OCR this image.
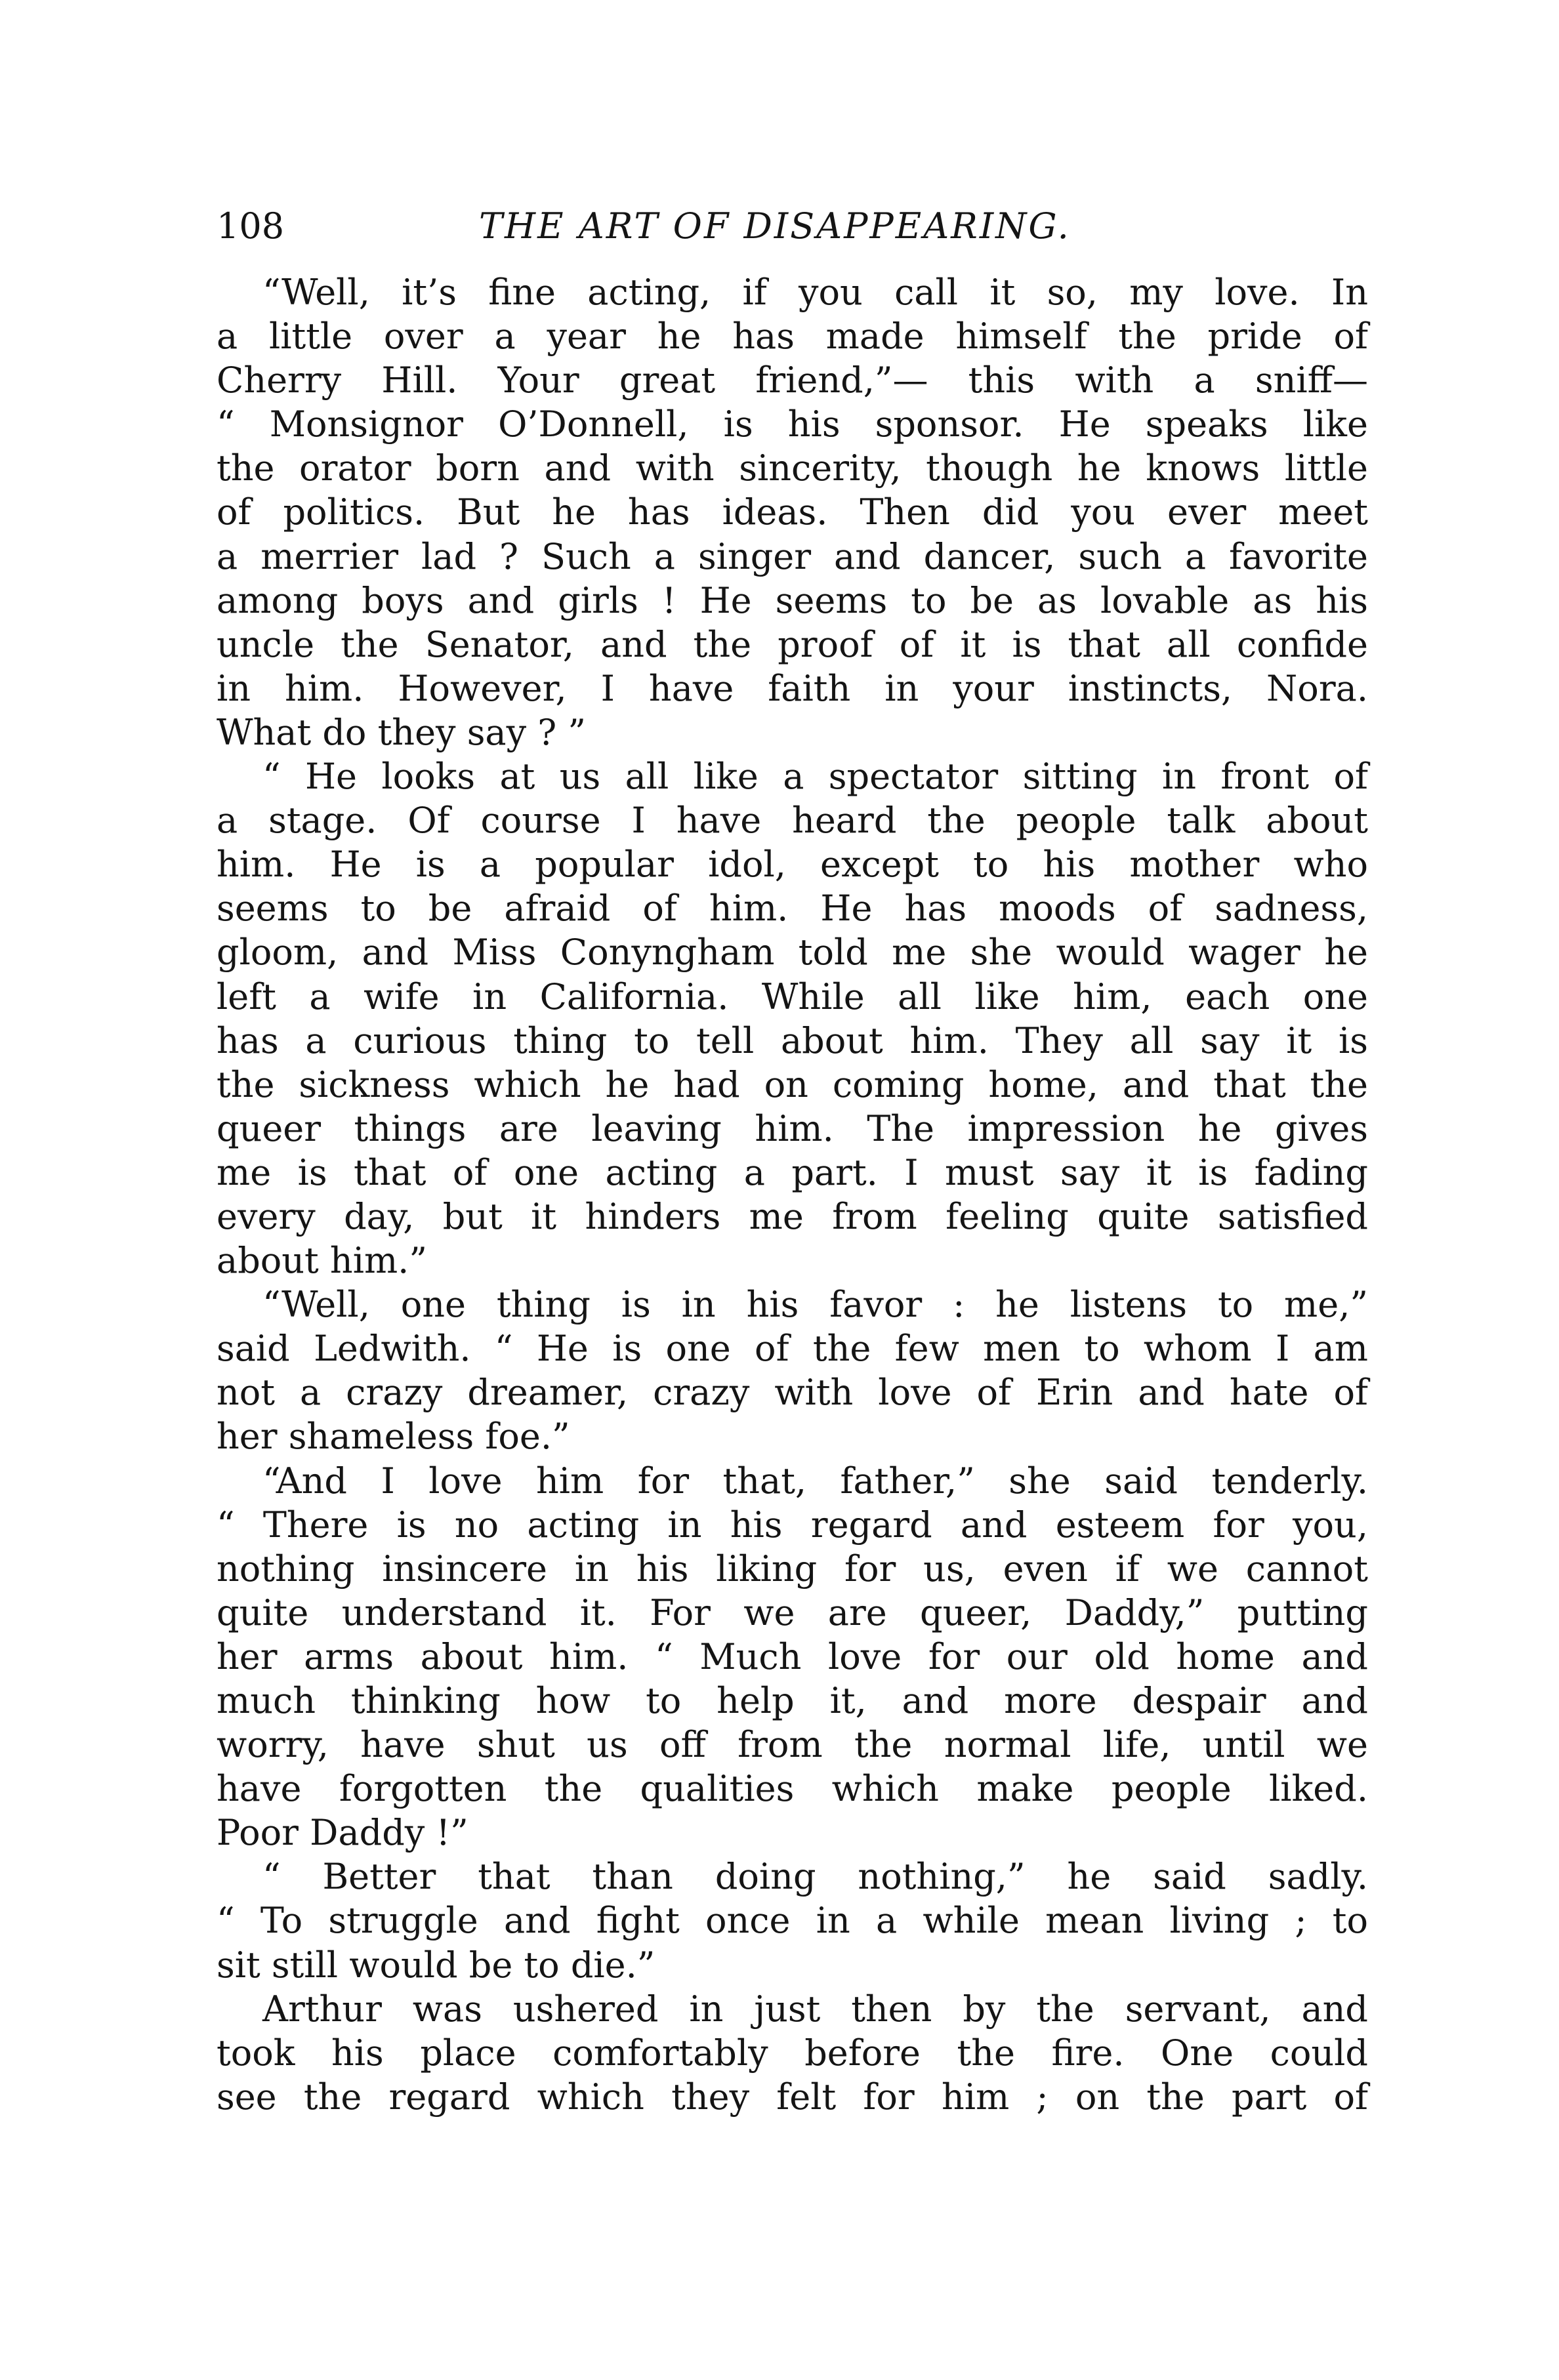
108	THE ART OF DISAPPEARING.
“Well, it’s fine acting, if you call it so, my love. In
a little over a year he has made himself the pride of
Cherry Hill. Your great friend,”— this with a sniff—
“ Monsignor O’Donnell, is his sponsor. He speaks like
the orator born and with sincerity, though he knows little
of politics. But he has ideas. Then did you ever meet
a merrier lad ? Such a singer and dancer, such a favorite
among boys and girls ! He seems to be as lovable as his
uncle the Senator, and the proof of it is that all confide
in him. However, I have faith in your instincts, Nora.
What do they say ? ”
“ He looks at us all like a spectator sitting in front of
a stage. Of course I have heard the people talk about
him. He is a popular idol, except to his mother who
seems to be afraid of him. He has moods of sadness,
gloom, and Miss Conyngham told me she would wager he
left a wife in California. While all like him, each one
has a curious thing to tell about him. They all say it is
the sickness which he had on coming home, and that the
queer things are leaving him. The impression he gives
me is that of one acting a part. I must say it is fading
every day, but it hinders me from feeling quite satisfied
about him.”
“Well, one thing is in his favor : he listens to me,”
said Ledwith. “ He is one of the few men to whom I am
not a crazy dreamer, crazy with love of Erin and hate of
her shameless foe.”
“And I love him for that, father,” she said tenderly.
“ There is no acting in his regard and esteem for you,
nothing insincere in his liking for us, even if we cannot
quite understand it. For we are queer, Daddy,” putting
her arms about him. “ Much love for our old home and
much thinking how to help it, and more despair and
worry, have shut us off from the normal life, until we
have forgotten the qualities which make people liked.
Poor Daddy !”
“ Better that than doing nothing,” he said sadly.
“ To struggle and fight once in a while mean living ; to
sit still would be to die.”
Arthur was ushered in just then by the servant, and
took his place comfortably before the fire. One could
see the regard which they felt for him ; on the part of
